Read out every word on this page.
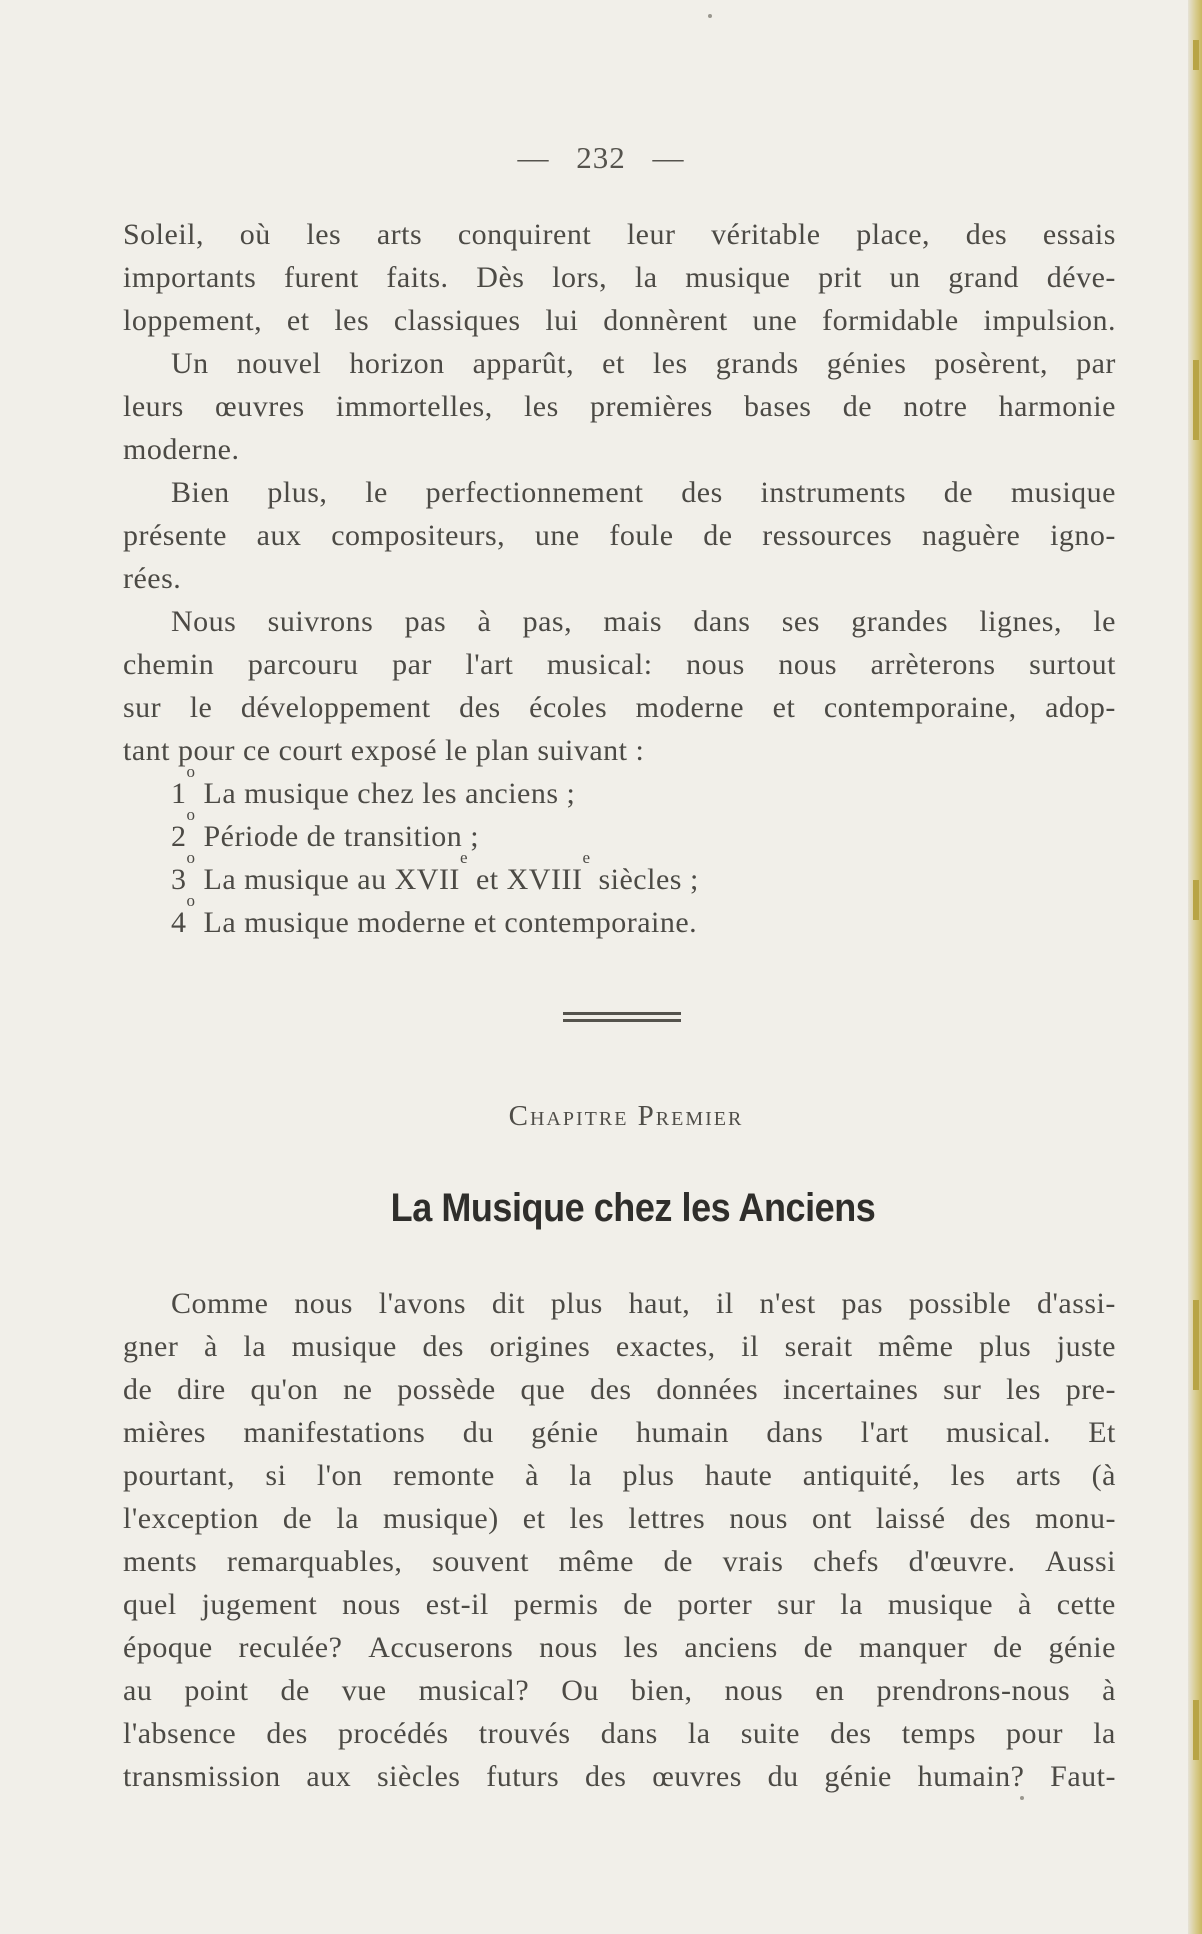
— 232 —
Soleil, où les arts conquirent leur véritable place, des essais
importants furent faits. Dès lors, la musique prit un grand déve-
loppement, et les classiques lui donnèrent une formidable impulsion.
Un nouvel horizon apparût, et les grands génies posèrent, par
leurs œuvres immortelles, les premières bases de notre harmonie
moderne.
Bien plus, le perfectionnement des instruments de musique
présente aux compositeurs, une foule de ressources naguère igno-
rées.
Nous suivrons pas à pas, mais dans ses grandes lignes, le
chemin parcouru par l'art musical: nous nous arrèterons surtout
sur le développement des écoles moderne et contemporaine, adop-
tant pour ce court exposé le plan suivant :
1
o
La musique chez les anciens ;
2
o
Période de transition ;
3
o
La musique au XVII
e
et XVIII
e
siècles ;
4
o
La musique moderne et contemporaine.
Chapitre Premier
La Musique chez les Anciens
Comme nous l'avons dit plus haut, il n'est pas possible d'assi-
gner à la musique des origines exactes, il serait même plus juste
de dire qu'on ne possède que des données incertaines sur les pre-
mières manifestations du génie humain dans l'art musical. Et
pourtant, si l'on remonte à la plus haute antiquité, les arts (à
l'exception de la musique) et les lettres nous ont laissé des monu-
ments remarquables, souvent même de vrais chefs d'œuvre. Aussi
quel jugement nous est-il permis de porter sur la musique à cette
époque reculée? Accuserons nous les anciens de manquer de génie
au point de vue musical? Ou bien, nous en prendrons-nous à
l'absence des procédés trouvés dans la suite des temps pour la
transmission aux siècles futurs des œuvres du génie humain? Faut-
